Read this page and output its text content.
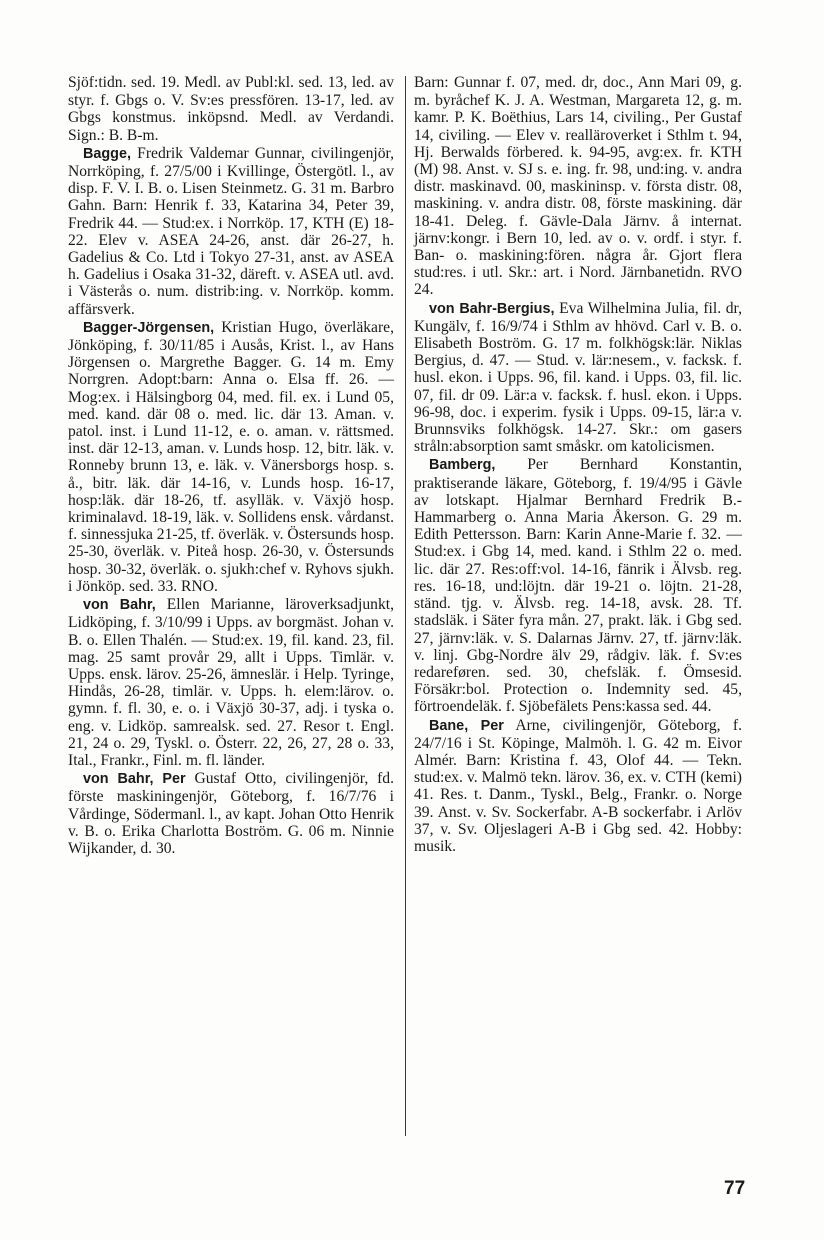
Sjöf:tidn. sed. 19. Medl. av Publ:kl. sed. 13, led. av styr. f. Gbgs o. V. Sv:es pressfören. 13-17, led. av Gbgs konstmus. inköpsnd. Medl. av Verdandi. Sign.: B. B-m.

Bagge, Fredrik Valdemar Gunnar, civilingenjör, Norrköping, f. 27/5/00 i Kvillinge, Östergötl. l., av disp. F. V. I. B. o. Lisen Steinmetz. G. 31 m. Barbro Gahn. Barn: Henrik f. 33, Katarina 34, Peter 39, Fredrik 44. — Stud:ex. i Norrköp. 17, KTH (E) 18-22. Elev v. ASEA 24-26, anst. där 26-27, h. Gadelius & Co. Ltd i Tokyo 27-31, anst. av ASEA h. Gadelius i Osaka 31-32, däreft. v. ASEA utl. avd. i Västerås o. num. distrib:ing. v. Norrköp. komm. affärsverk.

Bagger-Jörgensen, Kristian Hugo, överläkare, Jönköping, f. 30/11/85 i Ausås, Krist. l., av Hans Jörgensen o. Margrethe Bagger. G. 14 m. Emy Norrgren. Adopt:barn: Anna o. Elsa ff. 26. — Mog:ex. i Hälsingborg 04, med. fil. ex. i Lund 05, med. kand. där 08 o. med. lic. där 13. Aman. v. patol. inst. i Lund 11-12, e. o. aman. v. rättsmed. inst. där 12-13, aman. v. Lunds hosp. 12, bitr. läk. v. Ronneby brunn 13, e. läk. v. Vänersborgs hosp. s. å., bitr. läk. där 14-16, v. Lunds hosp. 16-17, hosp:läk. där 18-26, tf. asylläk. v. Växjö hosp. kriminalavd. 18-19, läk. v. Sollidens ensk. vårdanst. f. sinnessjuka 21-25, tf. överläk. v. Östersunds hosp. 25-30, överläk. v. Piteå hosp. 26-30, v. Östersunds hosp. 30-32, överläk. o. sjukh:chef v. Ryhovs sjukh. i Jönköp. sed. 33. RNO.

von Bahr, Ellen Marianne, läroverksadjunkt, Lidköping, f. 3/10/99 i Upps. av borgmäst. Johan v. B. o. Ellen Thalén. — Stud:ex. 19, fil. kand. 23, fil. mag. 25 samt provår 29, allt i Upps. Timlär. v. Upps. ensk. lärov. 25-26, ämneslär. i Help. Tyringe, Hindås, 26-28, timlär. v. Upps. h. elem:lärov. o. gymn. f. fl. 30, e. o. i Växjö 30-37, adj. i tyska o. eng. v. Lidköp. samrealsk. sed. 27. Resor t. Engl. 21, 24 o. 29, Tyskl. o. Österr. 22, 26, 27, 28 o. 33, Ital., Frankr., Finl. m. fl. länder.

von Bahr, Per Gustaf Otto, civilingenjör, fd. förste maskiningenjör, Göteborg, f. 16/7/76 i Vårdinge, Södermanl. l., av kapt. Johan Otto Henrik v. B. o. Erika Charlotta Boström. G. 06 m. Ninnie Wijkander, d. 30.

Barn: Gunnar f. 07, med. dr, doc., Ann Mari 09, g. m. byråchef K. J. A. Westman, Margareta 12, g. m. kamr. P. K. Boëthius, Lars 14, civiling., Per Gustaf 14, civiling. — Elev v. realläroverket i Sthlm t. 94, Hj. Berwalds förbered. k. 94-95, avg:ex. fr. KTH (M) 98. Anst. v. SJ s. e. ing. fr. 98, und:ing. v. andra distr. maskinavd. 00, maskininsp. v. första distr. 08, maskining. v. andra distr. 08, förste maskining. där 18-41. Deleg. f. Gävle-Dala Järnv. å internat. järnv:kongr. i Bern 10, led. av o. v. ordf. i styr. f. Ban- o. maskining:fören. några år. Gjort flera stud:res. i utl. Skr.: art. i Nord. Järnbanetidn. RVO 24.

von Bahr-Bergius, Eva Wilhelmina Julia, fil. dr, Kungälv, f. 16/9/74 i Sthlm av hhövd. Carl v. B. o. Elisabeth Boström. G. 17 m. folkhögsk:lär. Niklas Bergius, d. 47. — Stud. v. lär:nesem., v. facksk. f. husl. ekon. i Upps. 96, fil. kand. i Upps. 03, fil. lic. 07, fil. dr 09. Lär:a v. facksk. f. husl. ekon. i Upps. 96-98, doc. i experim. fysik i Upps. 09-15, lär:a v. Brunnsviks folkhögsk. 14-27. Skr.: om gasers stråln:absorption samt småskr. om katolicismen.

Bamberg, Per Bernhard Konstantin, praktiserande läkare, Göteborg, f. 19/4/95 i Gävle av lotskapt. Hjalmar Bernhard Fredrik B.-Hammarberg o. Anna Maria Åkerson. G. 29 m. Edith Pettersson. Barn: Karin Anne-Marie f. 32. — Stud:ex. i Gbg 14, med. kand. i Sthlm 22 o. med. lic. där 27. Res:off:vol. 14-16, fänrik i Älvsb. reg. res. 16-18, und:löjtn. där 19-21 o. löjtn. 21-28, ständ. tjg. v. Älvsb. reg. 14-18, avsk. 28. Tf. stadsläk. i Säter fyra mån. 27, prakt. läk. i Gbg sed. 27, järnv:läk. v. S. Dalarnas Järnv. 27, tf. järnv:läk. v. linj. Gbg-Nordre älv 29, rådgiv. läk. f. Sv:es redareføren. sed. 30, chefsläk. f. Ömsesid. Försäkr:bol. Protection o. Indemnity sed. 45, förtroendeläk. f. Sjöbefälets Pens:kassa sed. 44.

Bane, Per Arne, civilingenjör, Göteborg, f. 24/7/16 i St. Köpinge, Malmöh. l. G. 42 m. Eivor Almér. Barn: Kristina f. 43, Olof 44. — Tekn. stud:ex. v. Malmö tekn. lärov. 36, ex. v. CTH (kemi) 41. Res. t. Danm., Tyskl., Belg., Frankr. o. Norge 39. Anst. v. Sv. Sockerfabr. A-B sockerfabr. i Arlöv 37, v. Sv. Oljeslageri A-B i Gbg sed. 42. Hobby: musik.

77
